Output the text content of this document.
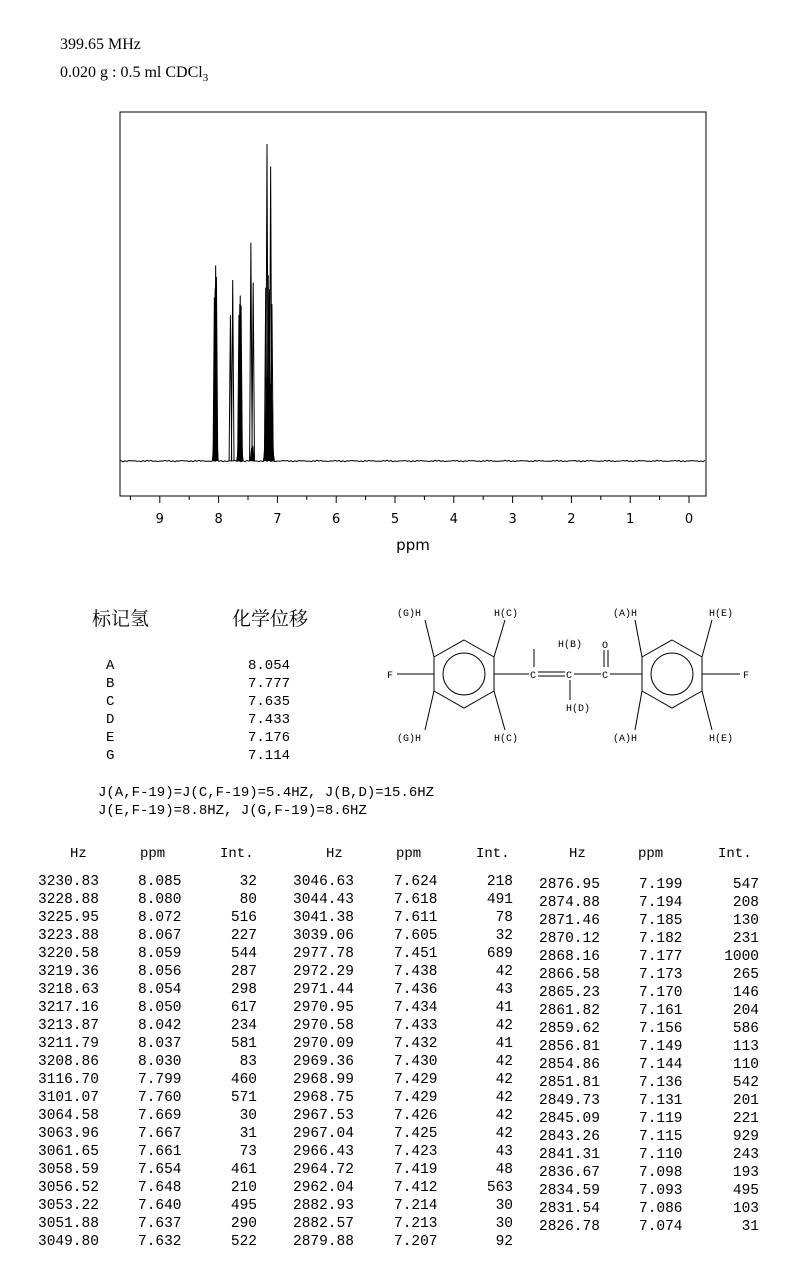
399.65 MHz
0.020 g : 0.5 ml CDCl$_3$
9	8	7	6	5	4	3	2	1	0
ppm
标记氢	化学位移
A	8.054
B	7.777
C	7.635
D	7.433
E	7.176
G	7.114
(G)H	H(C)	(A)H	H(E)
(G)H	H(C)	(A)H	H(E)
H(B)
H(D)
O
F	F
C	C	C
J(A,F-19)=J(C,F-19)=5.4HZ, J(B,D)=15.6HZ
J(E,F-19)=8.8HZ, J(G,F-19)=8.6HZ
Hz	ppm	Int.	Hz	ppm	Int.	Hz	ppm	Int.
3230.83	8.085	32
3228.88	8.080	80
3225.95	8.072	516
3223.88	8.067	227
3220.58	8.059	544
3219.36	8.056	287
3218.63	8.054	298
3217.16	8.050	617
3213.87	8.042	234
3211.79	8.037	581
3208.86	8.030	83
3116.70	7.799	460
3101.07	7.760	571
3064.58	7.669	30
3063.96	7.667	31
3061.65	7.661	73
3058.59	7.654	461
3056.52	7.648	210
3053.22	7.640	495
3051.88	7.637	290
3049.80	7.632	522
3046.63	7.624	218
3044.43	7.618	491
3041.38	7.611	78
3039.06	7.605	32
2977.78	7.451	689
2972.29	7.438	42
2971.44	7.436	43
2970.95	7.434	41
2970.58	7.433	42
2970.09	7.432	41
2969.36	7.430	42
2968.99	7.429	42
2968.75	7.429	42
2967.53	7.426	42
2967.04	7.425	42
2966.43	7.423	43
2964.72	7.419	48
2962.04	7.412	563
2882.93	7.214	30
2882.57	7.213	30
2879.88	7.207	92
2876.95	7.199	547
2874.88	7.194	208
2871.46	7.185	130
2870.12	7.182	231
2868.16	7.177	1000
2866.58	7.173	265
2865.23	7.170	146
2861.82	7.161	204
2859.62	7.156	586
2856.81	7.149	113
2854.86	7.144	110
2851.81	7.136	542
2849.73	7.131	201
2845.09	7.119	221
2843.26	7.115	929
2841.31	7.110	243
2836.67	7.098	193
2834.59	7.093	495
2831.54	7.086	103
2826.78	7.074	31
